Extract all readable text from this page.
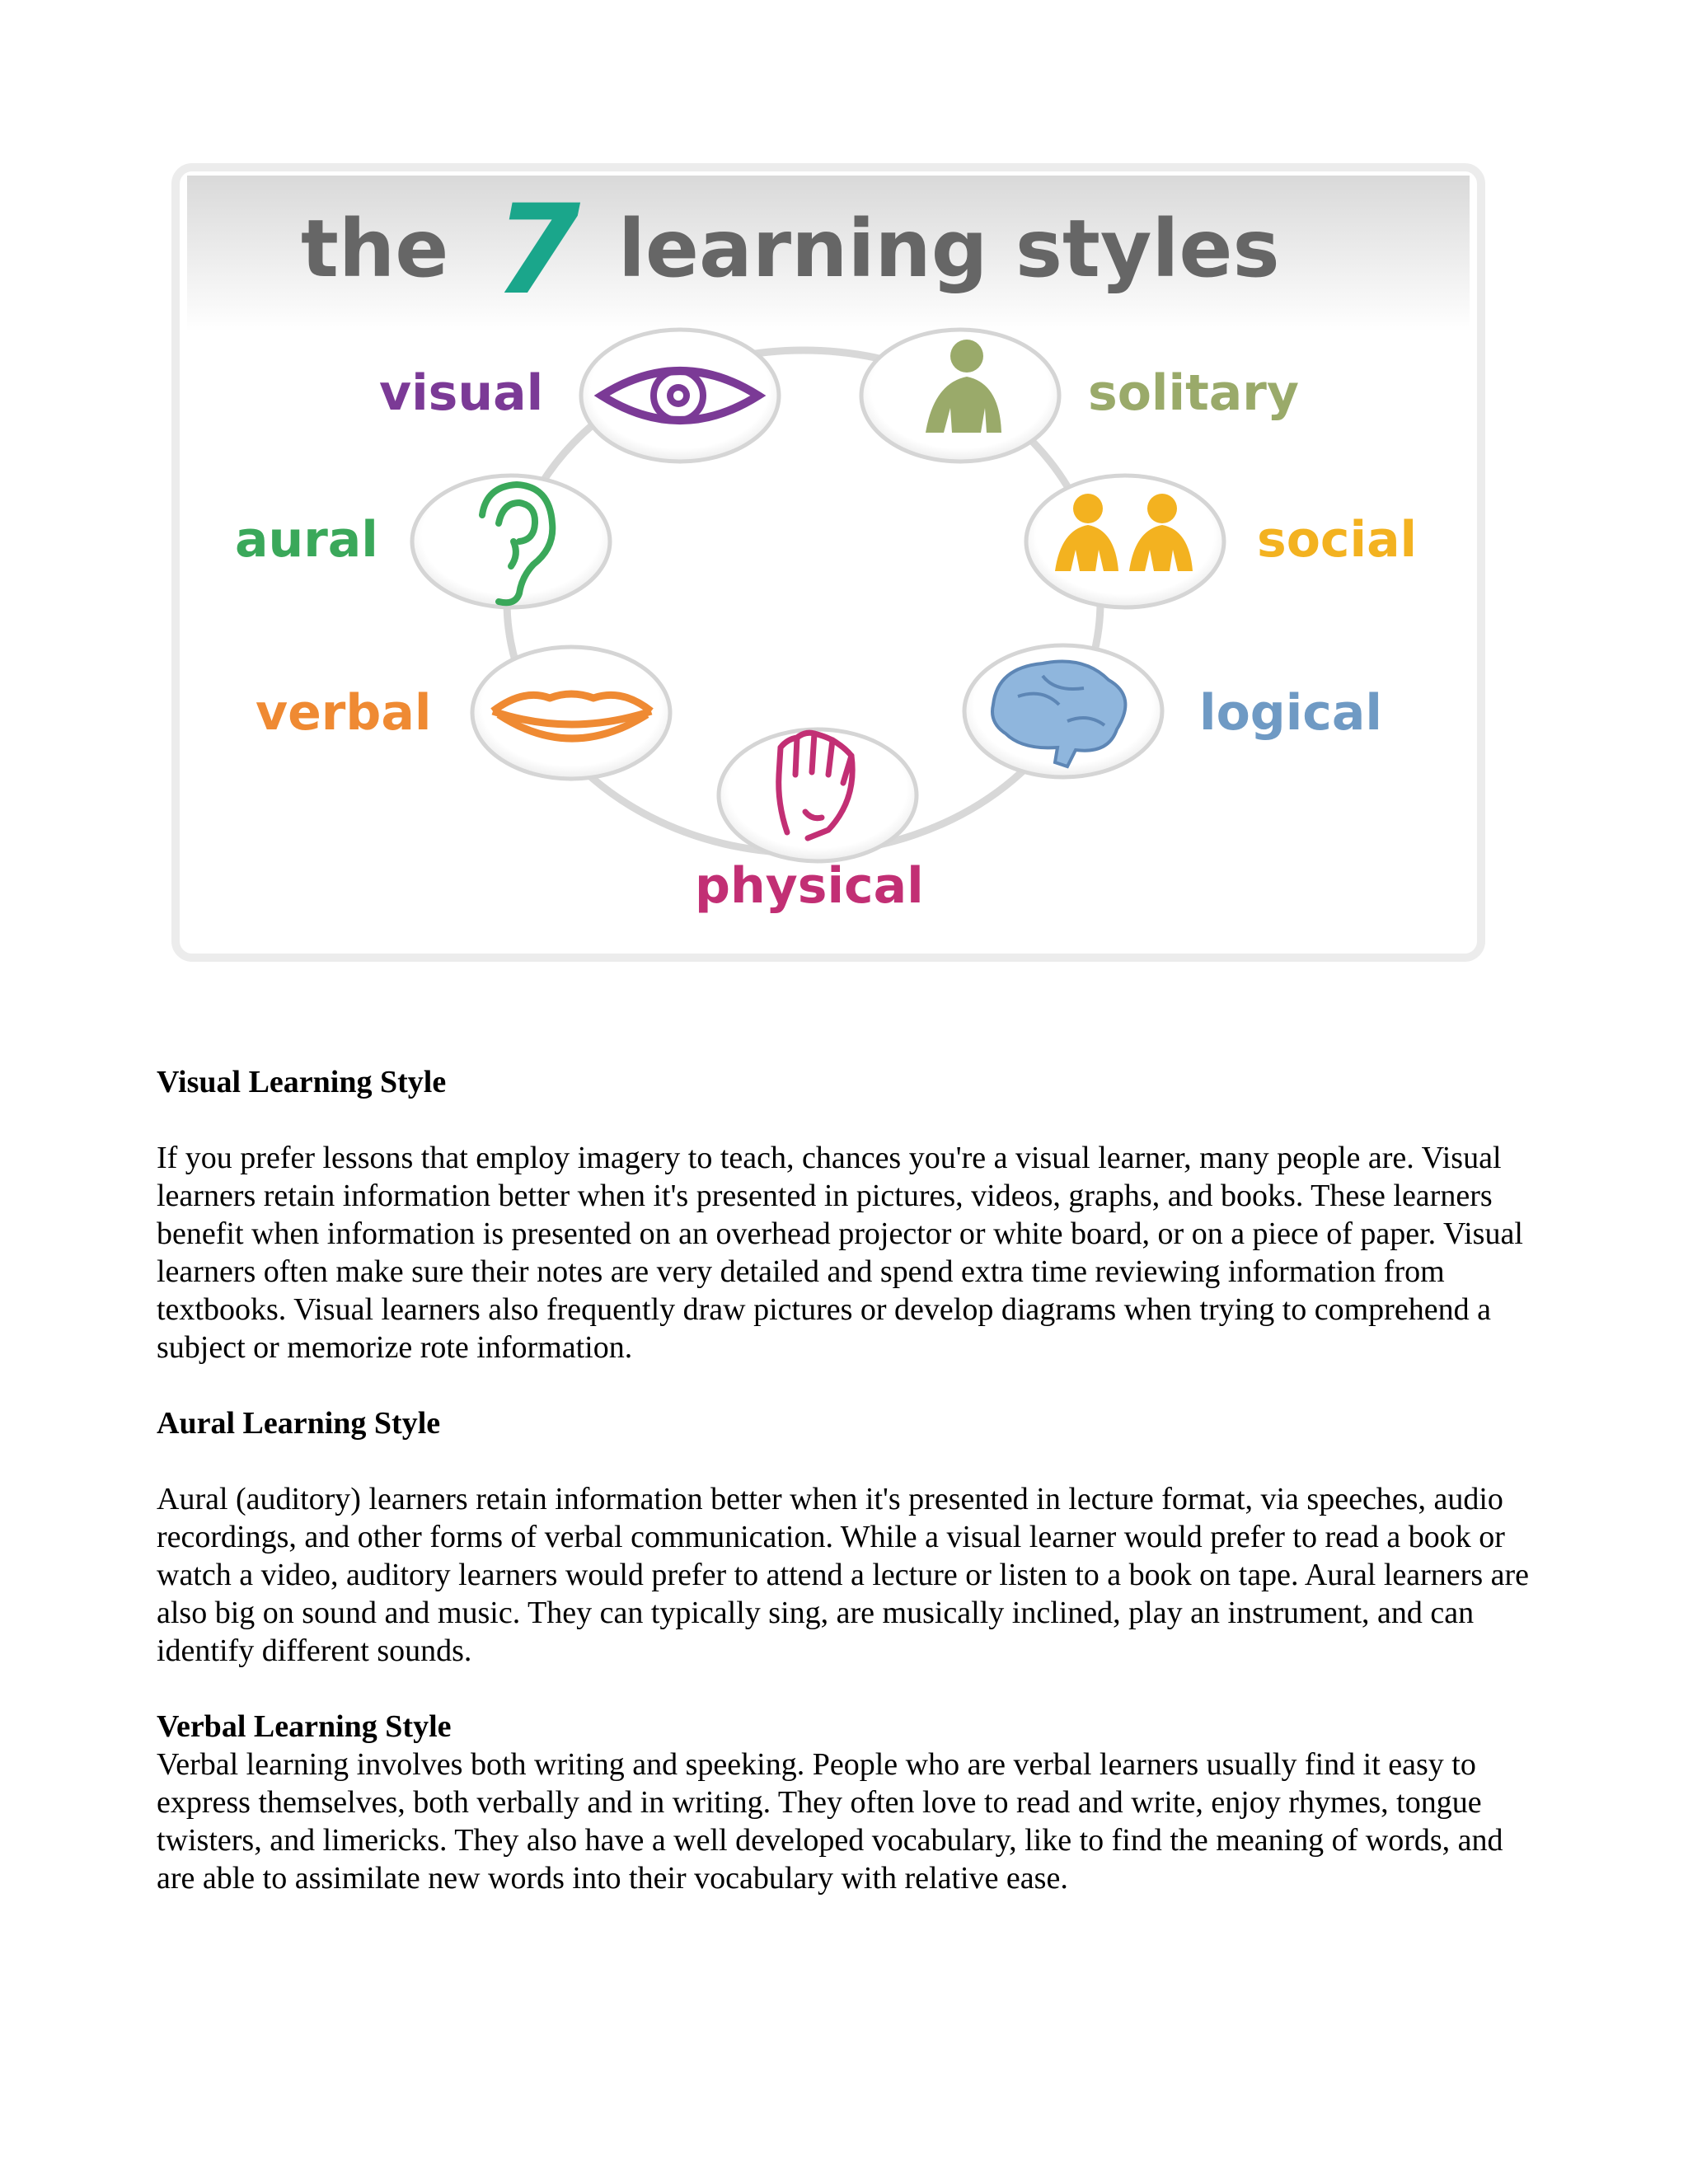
the 7 learning styles
visual	solitary
social
logical
physical
verbal
aural
Visual Learning Style

If you prefer lessons that employ imagery to teach, chances you're a visual learner, many people are. Visual learners retain information better when it's presented in pictures, videos, graphs, and books. These learners benefit when information is presented on an overhead projector or white board, or on a piece of paper. Visual learners often make sure their notes are very detailed and spend extra time reviewing information from textbooks. Visual learners also frequently draw pictures or develop diagrams when trying to comprehend a subject or memorize rote information.

Aural Learning Style

Aural (auditory) learners retain information better when it's presented in lecture format, via speeches, audio recordings, and other forms of verbal communication. While a visual learner would prefer to read a book or watch a video, auditory learners would prefer to attend a lecture or listen to a book on tape. Aural learners are also big on sound and music. They can typically sing, are musically inclined, play an instrument, and can identify different sounds.

Verbal Learning Style

Verbal learning involves both writing and speeking. People who are verbal learners usually find it easy to express themselves, both verbally and in writing. They often love to read and write, enjoy rhymes, tongue twisters, and limericks. They also have a well developed vocabulary, like to find the meaning of words, and are able to assimilate new words into their vocabulary with relative ease.
